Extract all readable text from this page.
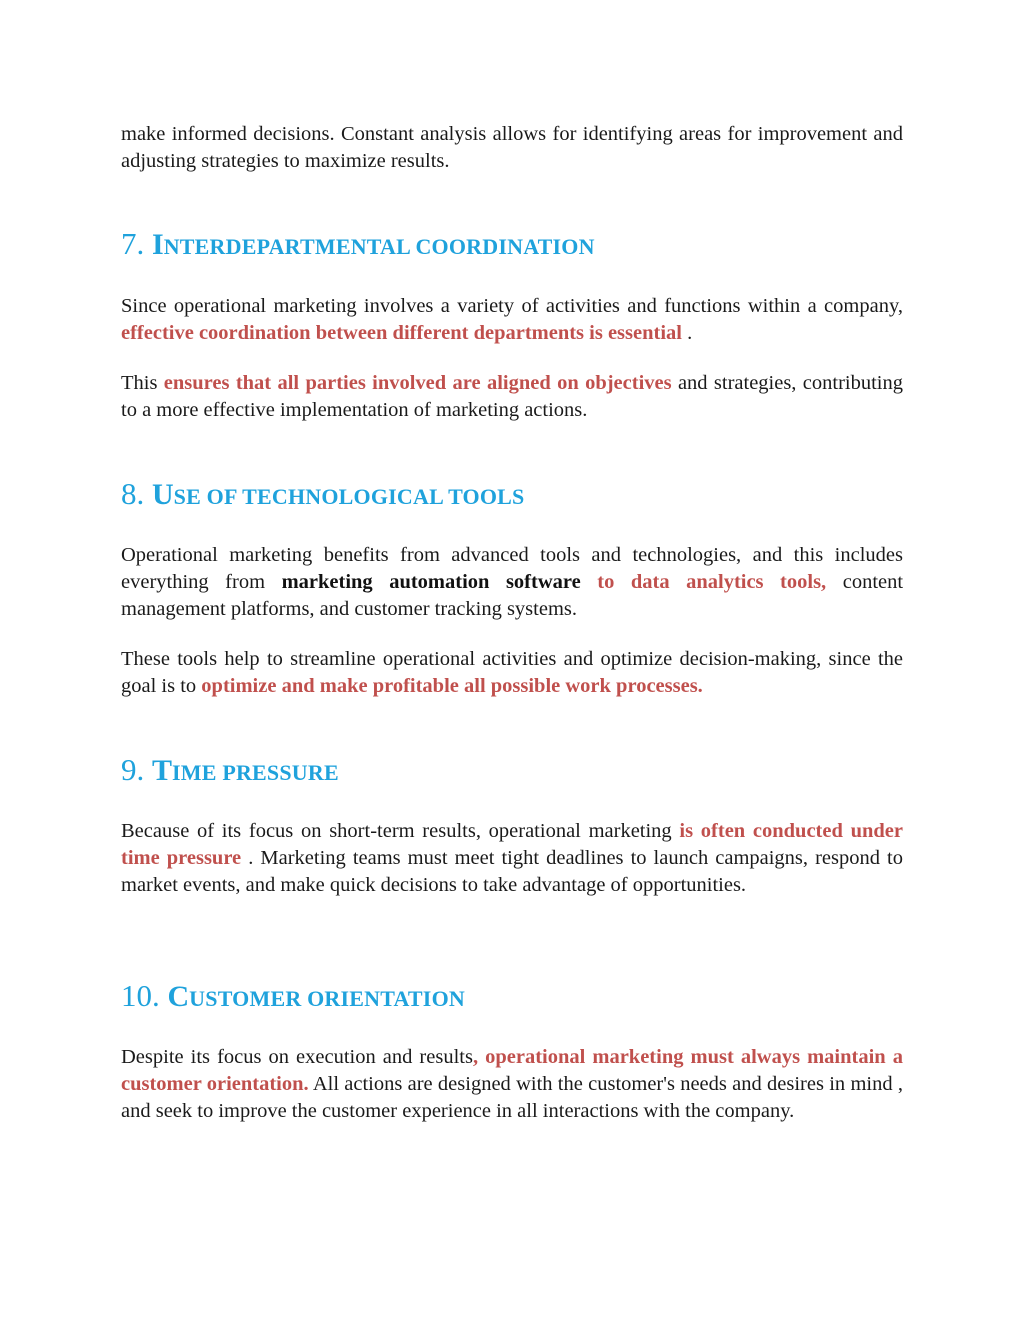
make informed decisions. Constant analysis allows for identifying areas for improvement and adjusting strategies to maximize results.

7. INTERDEPARTMENTAL COORDINATION

Since operational marketing involves a variety of activities and functions within a company, effective coordination between different departments is essential .

This ensures that all parties involved are aligned on objectives and strategies, contributing to a more effective implementation of marketing actions.

8. USE OF TECHNOLOGICAL TOOLS

Operational marketing benefits from advanced tools and technologies, and this includes everything from marketing automation software to data analytics tools, content management platforms, and customer tracking systems.

These tools help to streamline operational activities and optimize decision-making, since the goal is to optimize and make profitable all possible work processes.

9. TIME PRESSURE

Because of its focus on short-term results, operational marketing is often conducted under time pressure . Marketing teams must meet tight deadlines to launch campaigns, respond to market events, and make quick decisions to take advantage of opportunities.

10. CUSTOMER ORIENTATION

Despite its focus on execution and results, operational marketing must always maintain a customer orientation. All actions are designed with the customer's needs and desires in mind , and seek to improve the customer experience in all interactions with the company.
